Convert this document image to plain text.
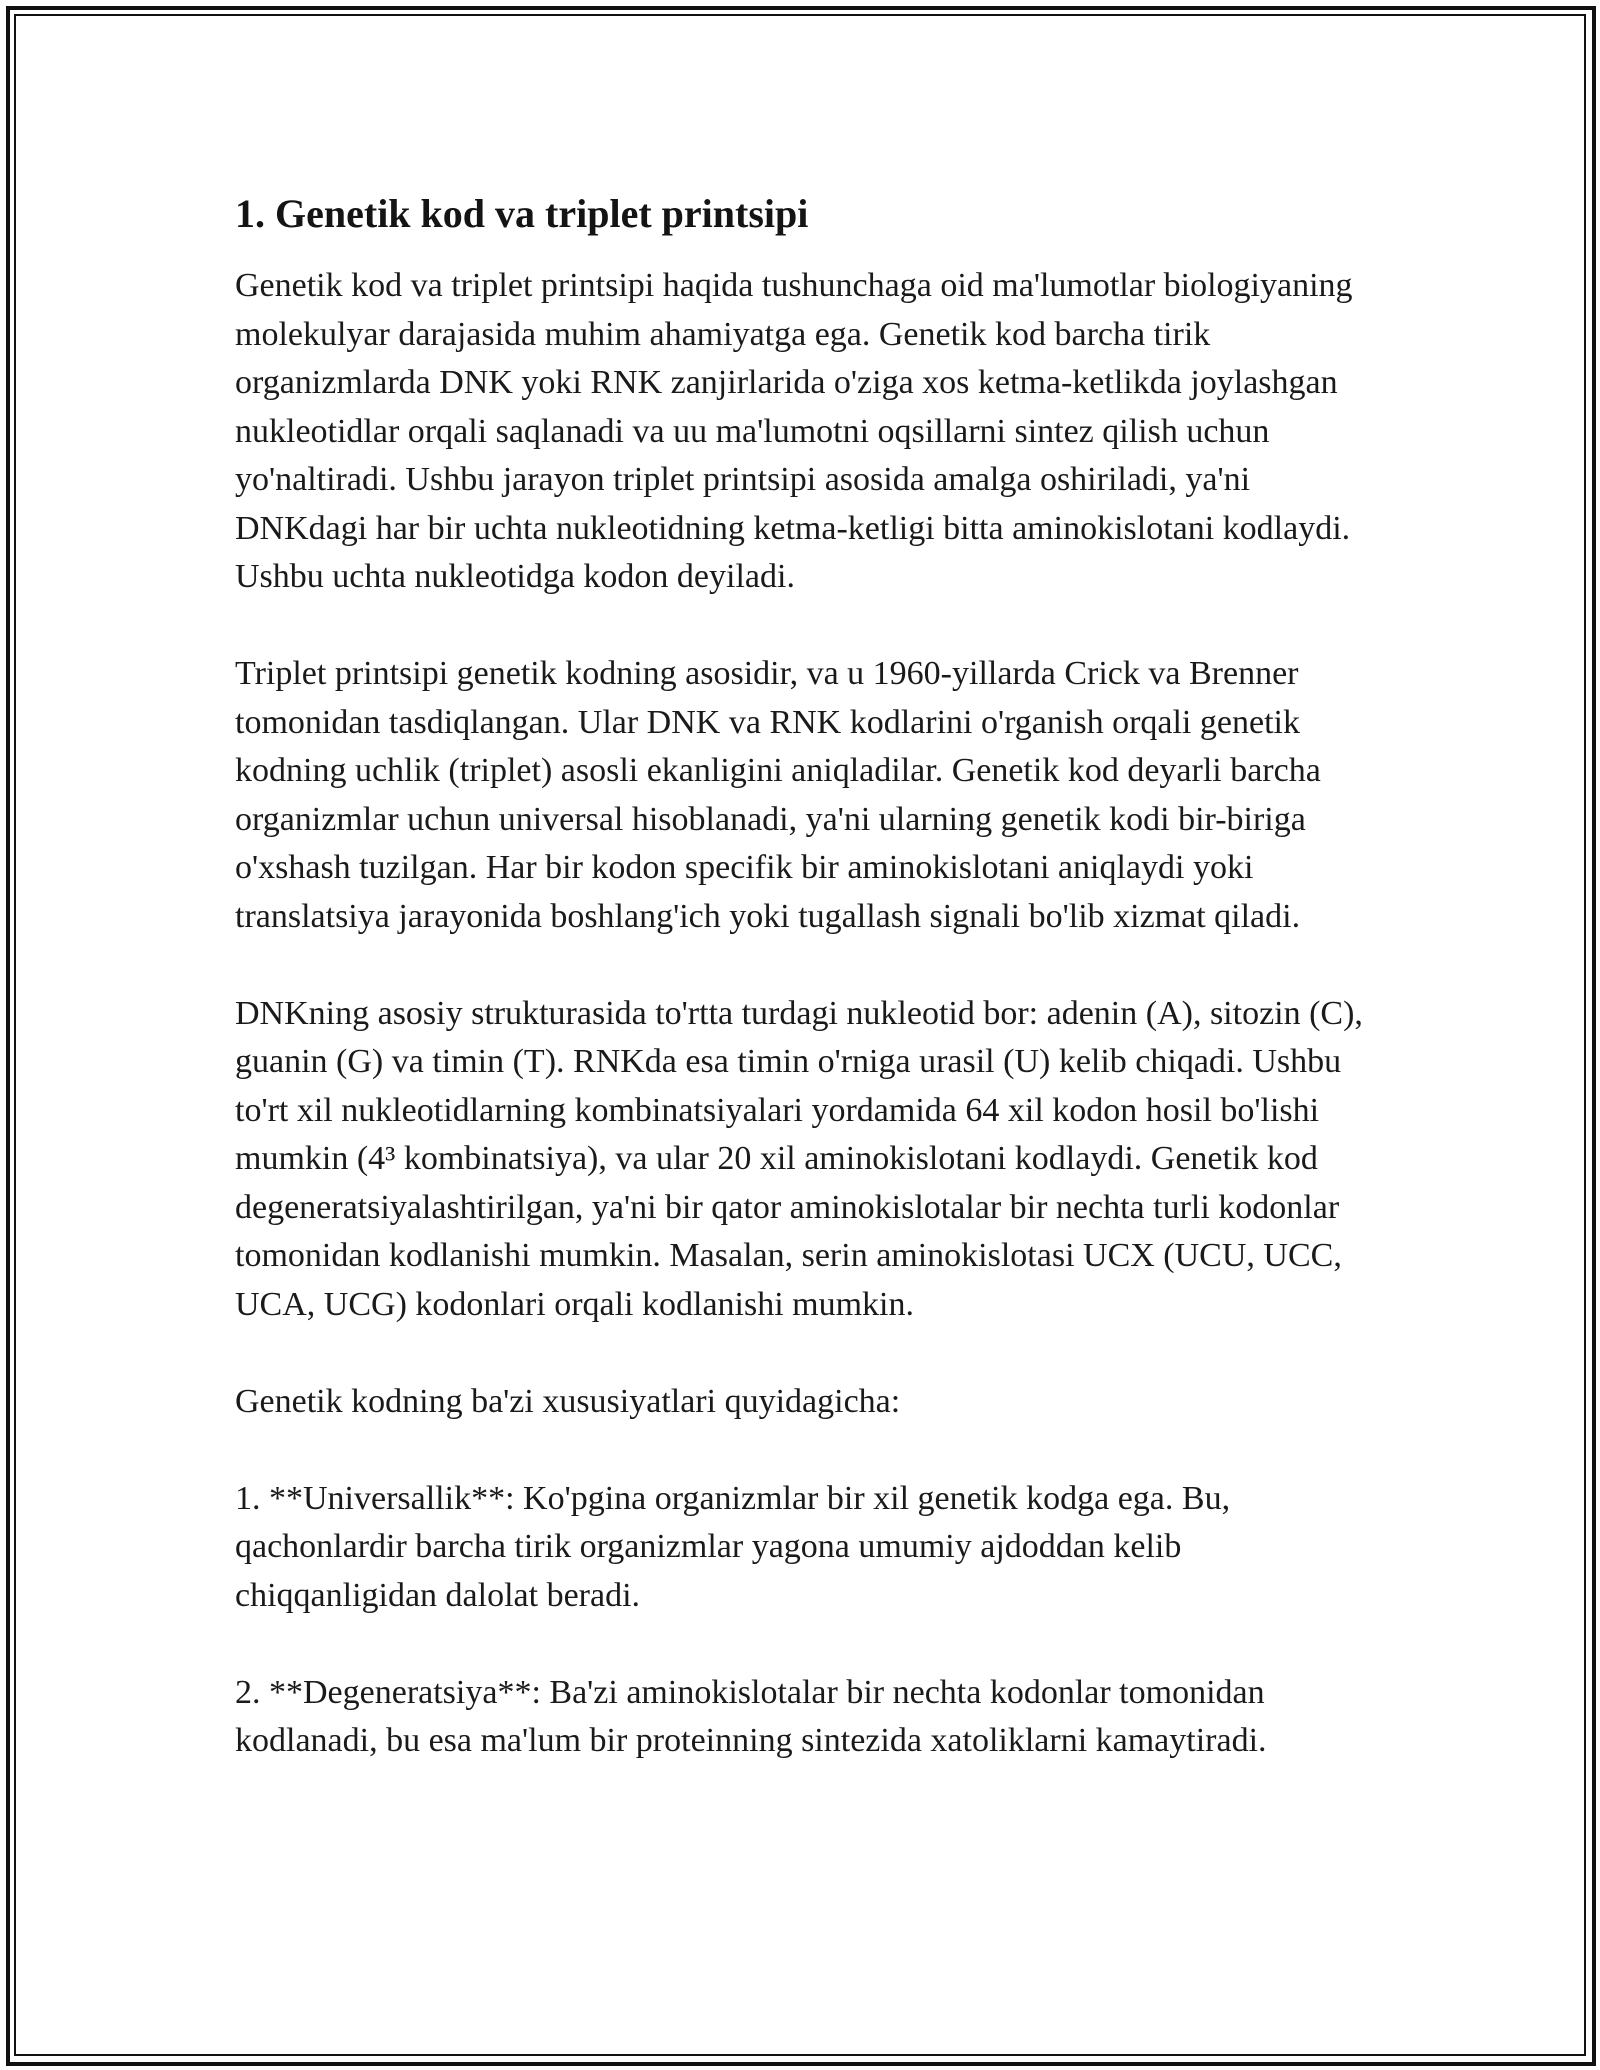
1. Genetik kod va triplet printsipi

Genetik kod va triplet printsipi haqida tushunchaga oid ma'lumotlar biologiyaning molekulyar darajasida muhim ahamiyatga ega. Genetik kod barcha tirik organizmlarda DNK yoki RNK zanjirlarida o'ziga xos ketma-ketlikda joylashgan nukleotidlar orqali saqlanadi va uu ma'lumotni oqsillarni sintez qilish uchun yo'naltiradi. Ushbu jarayon triplet printsipi asosida amalga oshiriladi, ya'ni DNKdagi har bir uchta nukleotidning ketma-ketligi bitta aminokislotani kodlaydi. Ushbu uchta nukleotidga kodon deyiladi.

Triplet printsipi genetik kodning asosidir, va u 1960-yillarda Crick va Brenner tomonidan tasdiqlangan. Ular DNK va RNK kodlarini o'rganish orqali genetik kodning uchlik (triplet) asosli ekanligini aniqladilar. Genetik kod deyarli barcha organizmlar uchun universal hisoblanadi, ya'ni ularning genetik kodi bir-biriga o'xshash tuzilgan. Har bir kodon specifik bir aminokislotani aniqlaydi yoki translatsiya jarayonida boshlang'ich yoki tugallash signali bo'lib xizmat qiladi.

DNKning asosiy strukturasida to'rtta turdagi nukleotid bor: adenin (A), sitozin (C), guanin (G) va timin (T). RNKda esa timin o'rniga urasil (U) kelib chiqadi. Ushbu to'rt xil nukleotidlarning kombinatsiyalari yordamida 64 xil kodon hosil bo'lishi mumkin (4³ kombinatsiya), va ular 20 xil aminokislotani kodlaydi. Genetik kod degeneratsiyalashtirilgan, ya'ni bir qator aminokislotalar bir nechta turli kodonlar tomonidan kodlanishi mumkin. Masalan, serin aminokislotasi UCX (UCU, UCC, UCA, UCG) kodonlari orqali kodlanishi mumkin.

Genetik kodning ba'zi xususiyatlari quyidagicha:

1. **Universallik**: Ko'pgina organizmlar bir xil genetik kodga ega. Bu, qachonlardir barcha tirik organizmlar yagona umumiy ajdoddan kelib chiqqanligidan dalolat beradi.

2. **Degeneratsiya**: Ba'zi aminokislotalar bir nechta kodonlar tomonidan kodlanadi, bu esa ma'lum bir proteinning sintezida xatoliklarni kamaytiradi.
